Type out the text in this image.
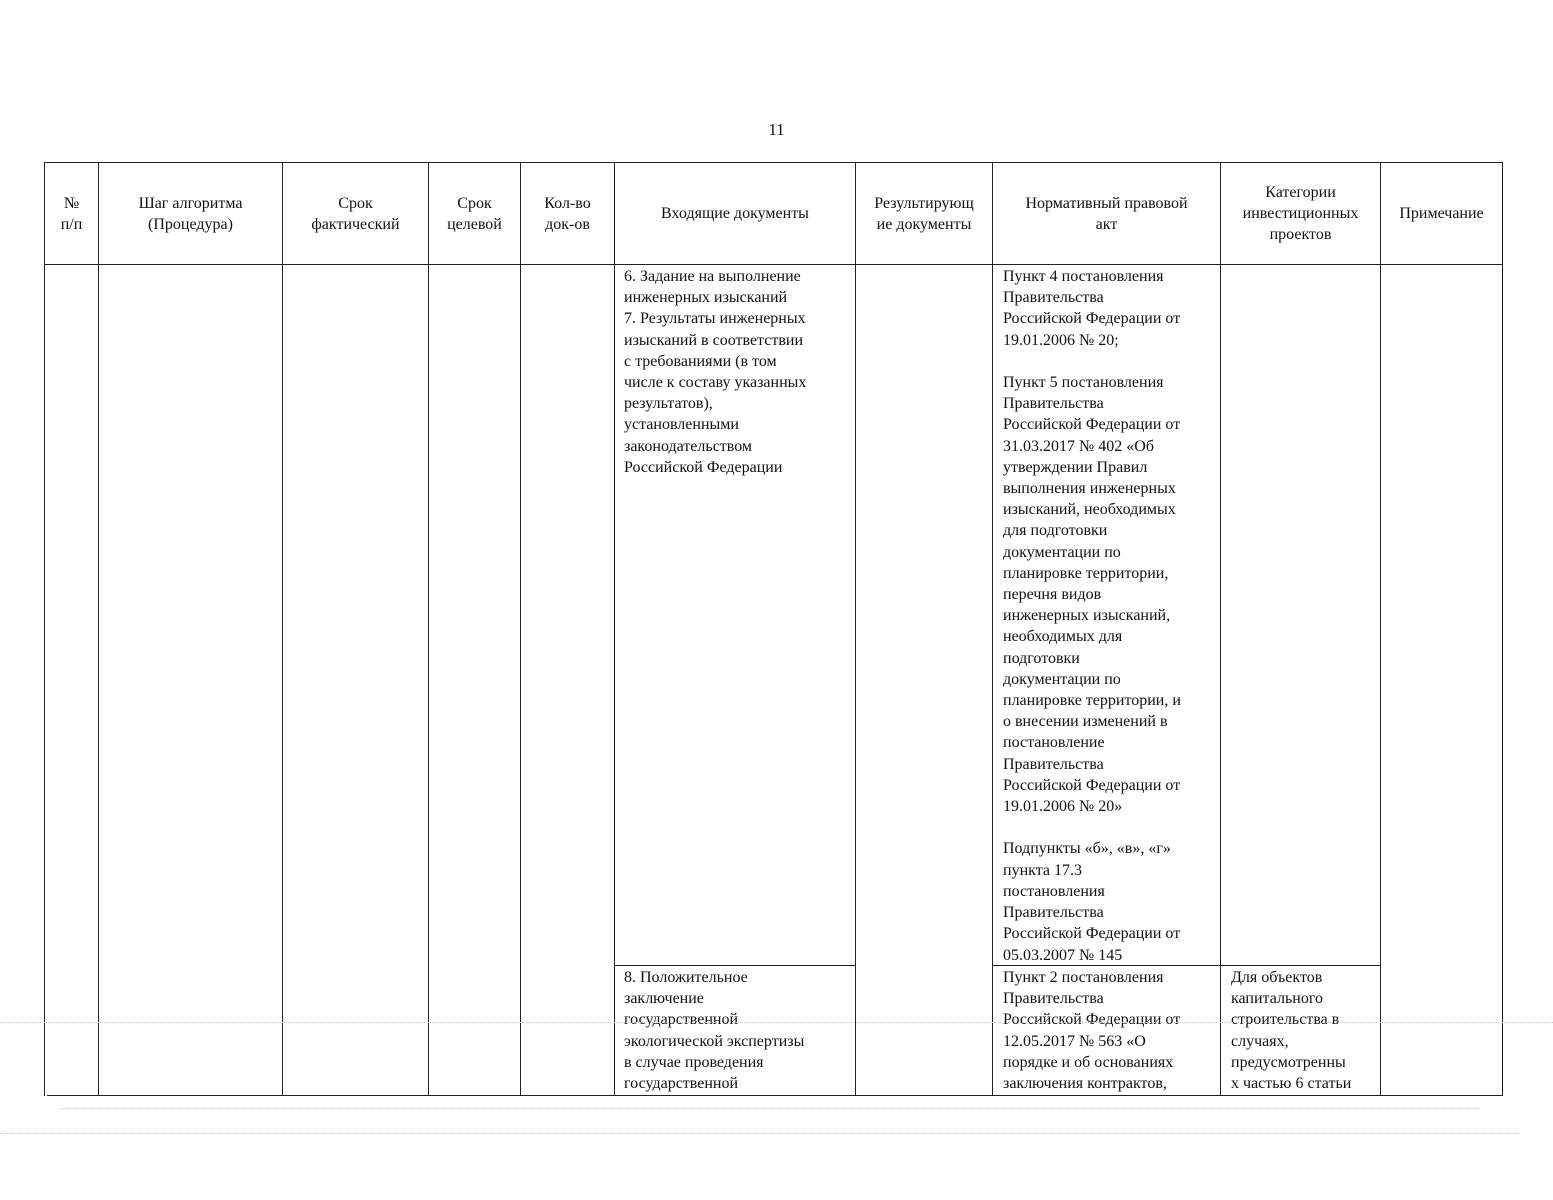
11
№
п/п
Шаг алгоритма
(Процедура)
Срок
фактический
Срок
целевой
Кол-во
док-ов
Входящие документы
Результирующ
ие документы
Нормативный правовой
акт
Категории
инвестиционных
проектов
Примечание
6. Задание на выполнение
инженерных изысканий
7. Результаты инженерных
изысканий в соответствии
с требованиями (в том
числе к составу указанных
результатов),
установленными
законодательством
Российской Федерации
Пункт 4 постановления
Правительства
Российской Федерации от
19.01.2006 № 20;

Пункт 5 постановления
Правительства
Российской Федерации от
31.03.2017 № 402 «Об
утверждении Правил
выполнения инженерных
изысканий, необходимых
для подготовки
документации по
планировке территории,
перечня видов
инженерных изысканий,
необходимых для
подготовки
документации по
планировке территории, и
о внесении изменений в
постановление
Правительства
Российской Федерации от
19.01.2006 № 20»

Подпункты «б», «в», «г»
пункта 17.3
постановления
Правительства
Российской Федерации от
05.03.2007 № 145
8. Положительное
заключение
государственной
экологической экспертизы
в случае проведения
государственной
Пункт 2 постановления
Правительства
Российской Федерации от
12.05.2017 № 563 «О
порядке и об основаниях
заключения контрактов,
Для объектов
капитального
строительства в
случаях,
предусмотренны
х частью 6 статьи
